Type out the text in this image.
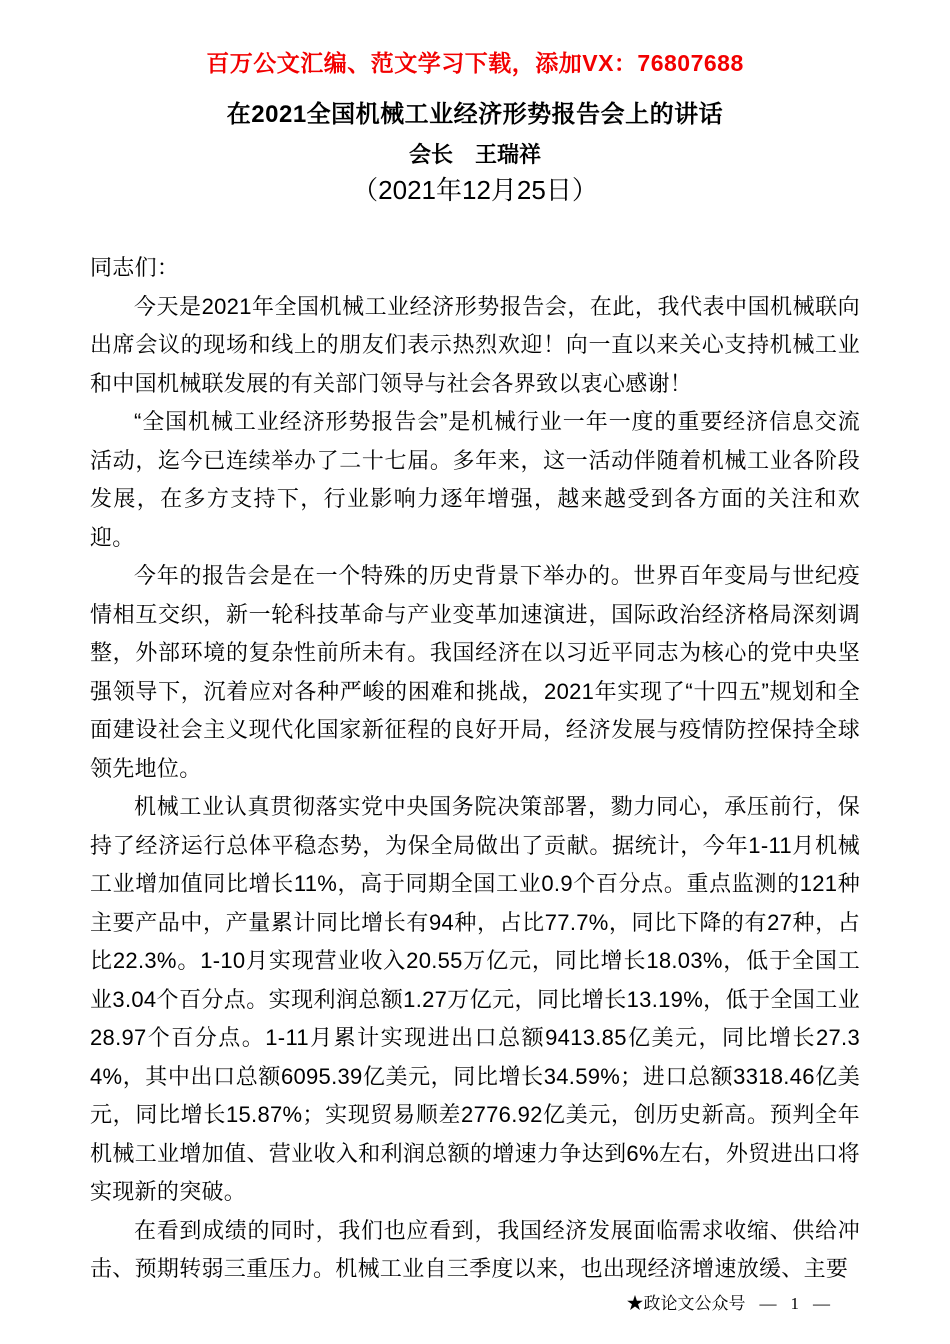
百万公文汇编、范文学习下载，添加VX：76807688
在2021全国机械工业经济形势报告会上的讲话
会长　王瑞祥
（2021年12月25日）

同志们：

今天是2021年全国机械工业经济形势报告会，在此，我代表中国机械联向出席会议的现场和线上的朋友们表示热烈欢迎！向一直以来关心支持机械工业和中国机械联发展的有关部门领导与社会各界致以衷心感谢！

“全国机械工业经济形势报告会”是机械行业一年一度的重要经济信息交流活动，迄今已连续举办了二十七届。多年来，这一活动伴随着机械工业各阶段发展，在多方支持下，行业影响力逐年增强，越来越受到各方面的关注和欢迎。

今年的报告会是在一个特殊的历史背景下举办的。世界百年变局与世纪疫情相互交织，新一轮科技革命与产业变革加速演进，国际政治经济格局深刻调整，外部环境的复杂性前所未有。我国经济在以习近平同志为核心的党中央坚强领导下，沉着应对各种严峻的困难和挑战，2021年实现了“十四五”规划和全面建设社会主义现代化国家新征程的良好开局，经济发展与疫情防控保持全球领先地位。

机械工业认真贯彻落实党中央国务院决策部署，勠力同心，承压前行，保持了经济运行总体平稳态势，为保全局做出了贡献。据统计，今年1-11月机械工业增加值同比增长11%，高于同期全国工业0.9个百分点。重点监测的121种主要产品中，产量累计同比增长有94种，占比77.7%，同比下降的有27种，占比22.3%。1-10月实现营业收入20.55万亿元，同比增长18.03%，低于全国工业3.04个百分点。实现利润总额1.27万亿元，同比增长13.19%，低于全国工业28.97个百分点。1-11月累计实现进出口总额9413.85亿美元，同比增长27.34%，其中出口总额6095.39亿美元，同比增长34.59%；进口总额3318.46亿美元，同比增长15.87%；实现贸易顺差2776.92亿美元，创历史新高。预判全年机械工业增加值、营业收入和利润总额的增速力争达到6%左右，外贸进出口将实现新的突破。

在看到成绩的同时，我们也应看到，我国经济发展面临需求收缩、供给冲击、预期转弱三重压力。机械工业自三季度以来，也出现经济增速放缓、主要

★政论文公众号 — 1 —
